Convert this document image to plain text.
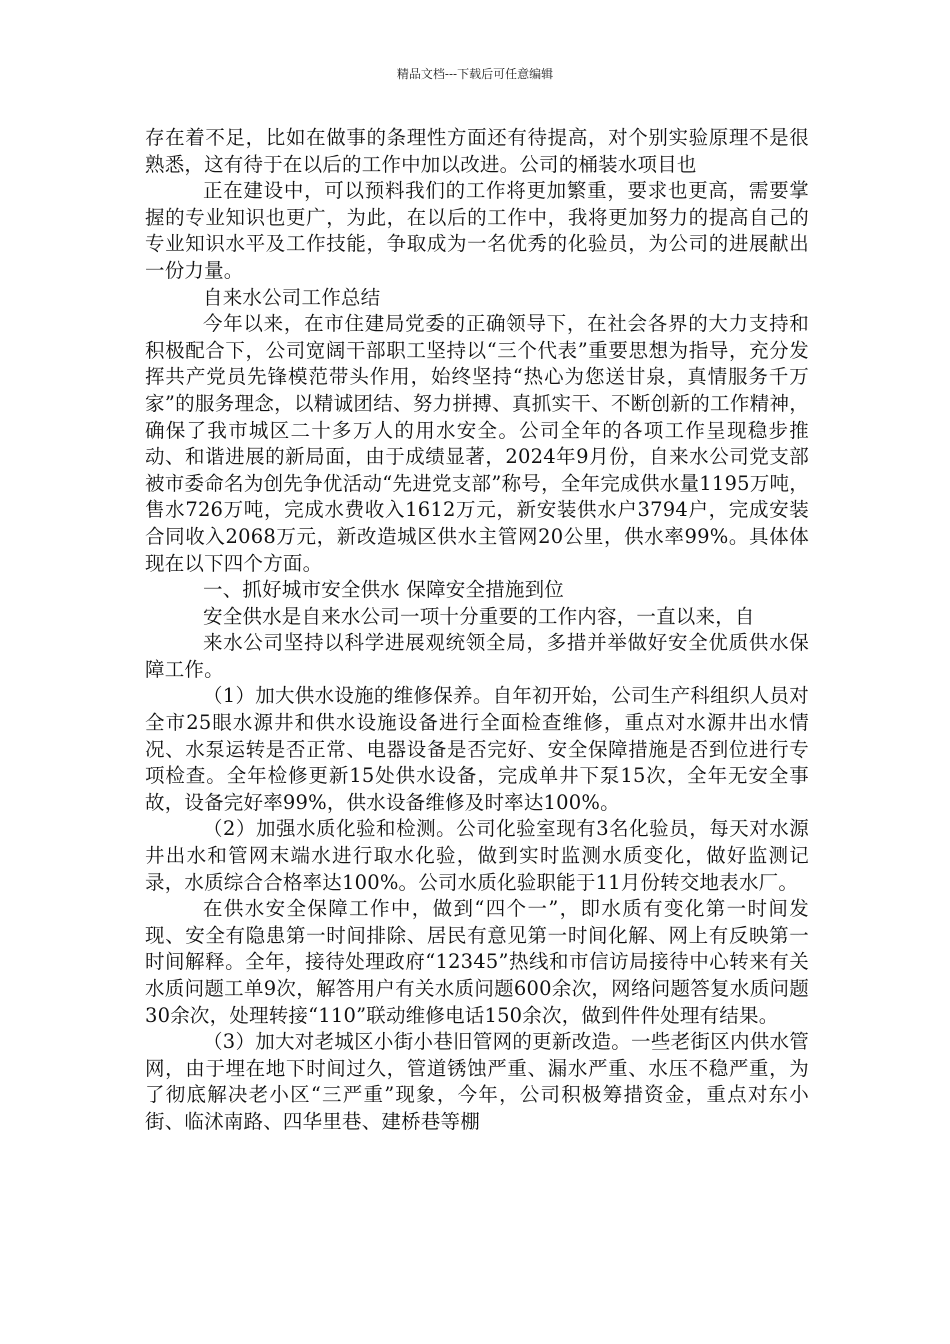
精品文档---下载后可任意编辑

存在着不足，比如在做事的条理性方面还有待提高，对个别实验原理不是很熟悉，这有待于在以后的工作中加以改进。公司的桶装水项目也

正在建设中，可以预料我们的工作将更加繁重，要求也更高，需要掌握的专业知识也更广，为此，在以后的工作中，我将更加努力的提高自己的专业知识水平及工作技能，争取成为一名优秀的化验员，为公司的进展献出一份力量。

自来水公司工作总结

今年以来，在市住建局党委的正确领导下，在社会各界的大力支持和积极配合下，公司宽阔干部职工坚持以“三个代表”重要思想为指导，充分发挥共产党员先锋模范带头作用，始终坚持“热心为您送甘泉，真情服务千万家”的服务理念，以精诚团结、努力拼搏、真抓实干、不断创新的工作精神，确保了我市城区二十多万人的用水安全。公司全年的各项工作呈现稳步推动、和谐进展的新局面，由于成绩显著，2024年9月份，自来水公司党支部被市委命名为创先争优活动“先进党支部”称号，全年完成供水量1195万吨，售水726万吨，完成水费收入1612万元，新安装供水户3794户，完成安装合同收入2068万元，新改造城区供水主管网20公里，供水率99%。具体体现在以下四个方面。

一、抓好城市安全供水 保障安全措施到位

安全供水是自来水公司一项十分重要的工作内容，一直以来，自

来水公司坚持以科学进展观统领全局，多措并举做好安全优质供水保障工作。

（1）加大供水设施的维修保养。自年初开始，公司生产科组织人员对全市25眼水源井和供水设施设备进行全面检查维修，重点对水源井出水情况、水泵运转是否正常、电器设备是否完好、安全保障措施是否到位进行专项检查。全年检修更新15处供水设备，完成单井下泵15次，全年无安全事故，设备完好率99%，供水设备维修及时率达100%。

（2）加强水质化验和检测。公司化验室现有3名化验员，每天对水源井出水和管网末端水进行取水化验，做到实时监测水质变化，做好监测记录，水质综合合格率达100%。公司水质化验职能于11月份转交地表水厂。

在供水安全保障工作中，做到“四个一”，即水质有变化第一时间发现、安全有隐患第一时间排除、居民有意见第一时间化解、网上有反映第一时间解释。全年，接待处理政府“12345”热线和市信访局接待中心转来有关水质问题工单9次，解答用户有关水质问题600余次，网络问题答复水质问题30余次，处理转接“110”联动维修电话150余次，做到件件处理有结果。

（3）加大对老城区小街小巷旧管网的更新改造。一些老街区内供水管网，由于埋在地下时间过久，管道锈蚀严重、漏水严重、水压不稳严重，为了彻底解决老小区“三严重”现象，今年，公司积极筹措资金，重点对东小街、临沭南路、四华里巷、建桥巷等棚
